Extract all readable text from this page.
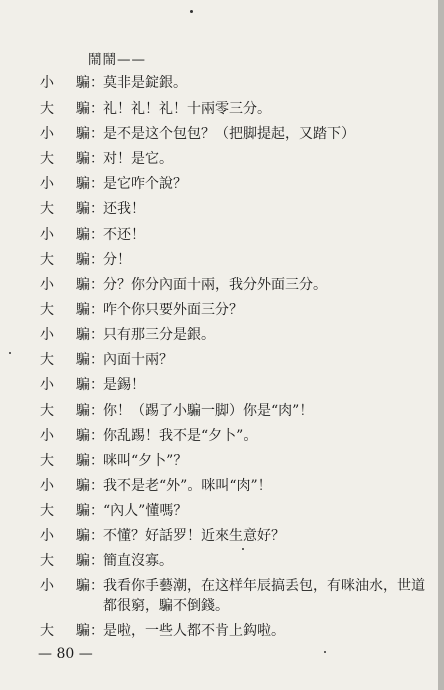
鬧鬧——
小 騙 ： 莫非是錠銀。
大 騙 ： 礼！礼！礼！十兩零三分。
小 騙 ： 是不是这个包包？（把脚提起，又踏下）
大 騙 ： 对！是它。
小 騙 ： 是它咋个說？
大 騙 ： 还我！
小 騙 ： 不还！
大 騙 ： 分！
小 騙 ： 分？你分內面十兩，我分外面三分。
大 騙 ： 咋个你只要外面三分？
小 騙 ： 只有那三分是銀。
大 騙 ： 內面十兩？
小 騙 ： 是錫！
大 騙 ： 你！（踢了小騙一脚）你是“肉”！
小 騙 ： 你乱踢！我不是“夕卜”。
大 騙 ： 咪叫“夕卜”？
小 騙 ： 我不是老“外”。咪叫“肉”！
大 騙 ： “內人”懂嗎？
小 騙 ： 不懂？好話罗！近來生意好？
大 騙 ： 簡直沒寡。
小 騙 ： 我看你手藝潮，在这样年辰搞丢包，有咪油水，世道
大 騙 ： 是啦，一些人都不肯上鈎啦。
都很窮，騙不倒錢。
— 80 —
